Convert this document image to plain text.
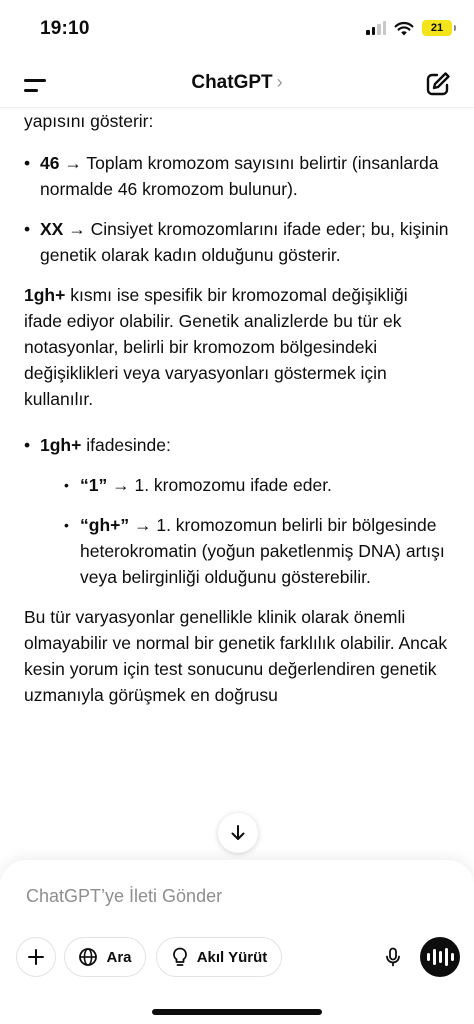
19:10	21
ChatGPT ›

yapısını gösterir:

• 46 → Toplam kromozom sayısını belirtir (insanlarda normalde 46 kromozom bulunur).
• XX → Cinsiyet kromozomlarını ifade eder; bu, kişinin genetik olarak kadın olduğunu gösterir.

1gh+ kısmı ise spesifik bir kromozomal değişikliği ifade ediyor olabilir. Genetik analizlerde bu tür ek notasyonlar, belirli bir kromozom bölgesindeki değişiklikleri veya varyasyonları göstermek için kullanılır.

• 1gh+ ifadesinde:
• “1” → 1. kromozomu ifade eder.
• “gh+” → 1. kromozomun belirli bir bölgesinde heterokromatin (yoğun paketlenmiş DNA) artışı veya belirginliği olduğunu gösterebilir.

Bu tür varyasyonlar genellikle klinik olarak önemli olmayabilir ve normal bir genetik farklılık olabilir. Ancak kesin yorum için test sonucunu değerlendiren genetik uzmanıyla görüşmek en doğrusu

ChatGPT’ye İleti Gönder
Ara	Akıl Yürüt
